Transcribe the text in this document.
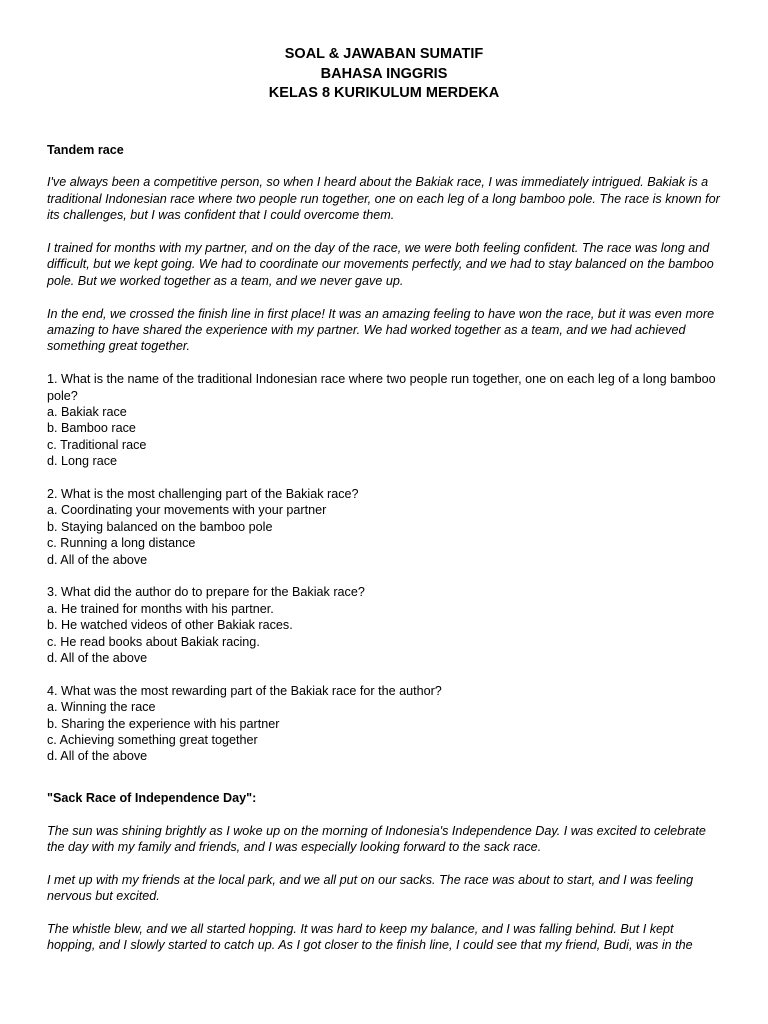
SOAL & JAWABAN SUMATIF
BAHASA INGGRIS
KELAS 8 KURIKULUM MERDEKA
Tandem race

I've always been a competitive person, so when I heard about the Bakiak race, I was immediately intrigued. Bakiak is a traditional Indonesian race where two people run together, one on each leg of a long bamboo pole. The race is known for its challenges, but I was confident that I could overcome them.

I trained for months with my partner, and on the day of the race, we were both feeling confident. The race was long and difficult, but we kept going. We had to coordinate our movements perfectly, and we had to stay balanced on the bamboo pole. But we worked together as a team, and we never gave up.

In the end, we crossed the finish line in first place! It was an amazing feeling to have won the race, but it was even more amazing to have shared the experience with my partner. We had worked together as a team, and we had achieved something great together.

1. What is the name of the traditional Indonesian race where two people run together, one on each leg of a long bamboo pole?
a. Bakiak race
b. Bamboo race
c. Traditional race
d. Long race
2. What is the most challenging part of the Bakiak race?
a. Coordinating your movements with your partner
b. Staying balanced on the bamboo pole
c. Running a long distance
d. All of the above
3. What did the author do to prepare for the Bakiak race?
a. He trained for months with his partner.
b. He watched videos of other Bakiak races.
c. He read books about Bakiak racing.
d. All of the above
4. What was the most rewarding part of the Bakiak race for the author?
a. Winning the race
b. Sharing the experience with his partner
c. Achieving something great together
d. All of the above
"Sack Race of Independence Day":

The sun was shining brightly as I woke up on the morning of Indonesia's Independence Day. I was excited to celebrate the day with my family and friends, and I was especially looking forward to the sack race.

I met up with my friends at the local park, and we all put on our sacks. The race was about to start, and I was feeling nervous but excited.

The whistle blew, and we all started hopping. It was hard to keep my balance, and I was falling behind. But I kept hopping, and I slowly started to catch up. As I got closer to the finish line, I could see that my friend, Budi, was in the
